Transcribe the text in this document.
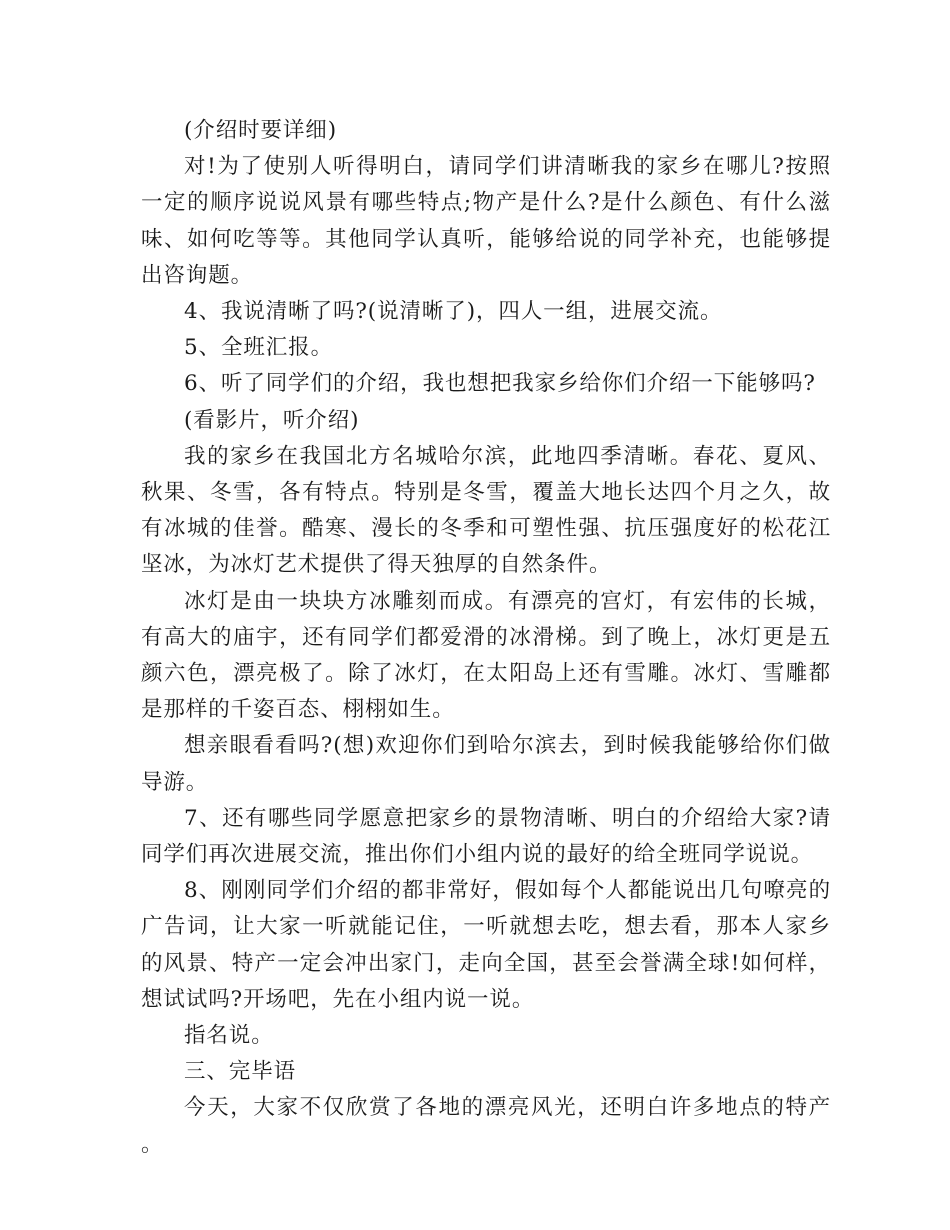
(介绍时要详细)

对!为了使别人听得明白，请同学们讲清晰我的家乡在哪儿?按照一定的顺序说说风景有哪些特点;物产是什么?是什么颜色、有什么滋味、如何吃等等。其他同学认真听，能够给说的同学补充，也能够提出咨询题。

4、我说清晰了吗?(说清晰了)，四人一组，进展交流。

5、全班汇报。

6、听了同学们的介绍，我也想把我家乡给你们介绍一下能够吗?

(看影片，听介绍)

我的家乡在我国北方名城哈尔滨，此地四季清晰。春花、夏风、秋果、冬雪，各有特点。特别是冬雪，覆盖大地长达四个月之久，故有冰城的佳誉。酷寒、漫长的冬季和可塑性强、抗压强度好的松花江坚冰，为冰灯艺术提供了得天独厚的自然条件。

冰灯是由一块块方冰雕刻而成。有漂亮的宫灯，有宏伟的长城，有高大的庙宇，还有同学们都爱滑的冰滑梯。到了晚上，冰灯更是五颜六色，漂亮极了。除了冰灯，在太阳岛上还有雪雕。冰灯、雪雕都是那样的千姿百态、栩栩如生。

想亲眼看看吗?(想)欢迎你们到哈尔滨去，到时候我能够给你们做导游。

7、还有哪些同学愿意把家乡的景物清晰、明白的介绍给大家?请同学们再次进展交流，推出你们小组内说的最好的给全班同学说说。

8、刚刚同学们介绍的都非常好，假如每个人都能说出几句嘹亮的广告词，让大家一听就能记住，一听就想去吃，想去看，那本人家乡的风景、特产一定会冲出家门，走向全国，甚至会誉满全球!如何样，想试试吗?开场吧，先在小组内说一说。

指名说。

三、完毕语

今天，大家不仅欣赏了各地的漂亮风光，还明白许多地点的特产。
